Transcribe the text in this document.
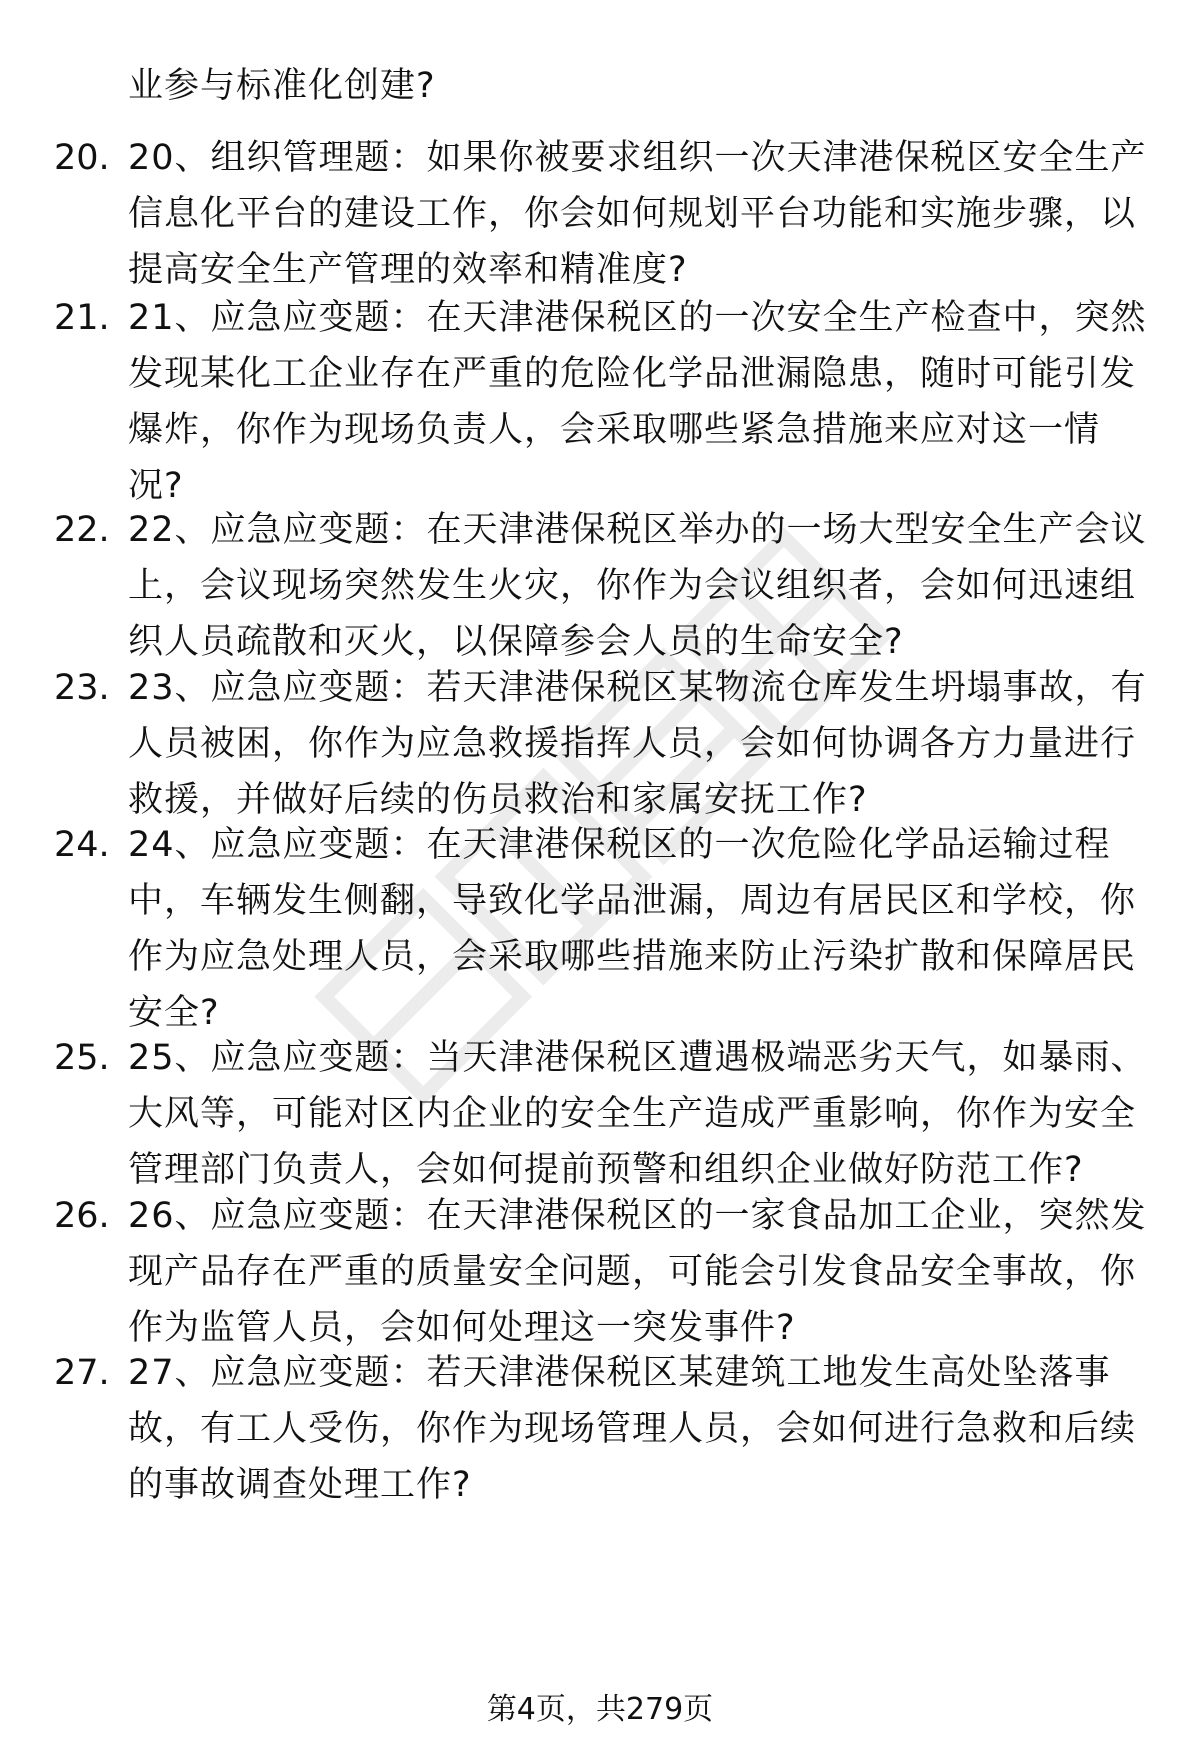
业参与标准化创建?
20. 20、组织管理题：如果你被要求组织一次天津港保税区安全生产
信息化平台的建设工作，你会如何规划平台功能和实施步骤，以
提高安全生产管理的效率和精准度?
21. 21、应急应变题：在天津港保税区的一次安全生产检查中，突然
发现某化工企业存在严重的危险化学品泄漏隐患，随时可能引发
爆炸，你作为现场负责人，会采取哪些紧急措施来应对这一情
况?
22. 22、应急应变题：在天津港保税区举办的一场大型安全生产会议
上，会议现场突然发生火灾，你作为会议组织者，会如何迅速组
织人员疏散和灭火，以保障参会人员的生命安全?
23. 23、应急应变题：若天津港保税区某物流仓库发生坍塌事故，有
人员被困，你作为应急救援指挥人员，会如何协调各方力量进行
救援，并做好后续的伤员救治和家属安抚工作?
24. 24、应急应变题：在天津港保税区的一次危险化学品运输过程
中，车辆发生侧翻，导致化学品泄漏，周边有居民区和学校，你
作为应急处理人员，会采取哪些措施来防止污染扩散和保障居民
安全?
25. 25、应急应变题：当天津港保税区遭遇极端恶劣天气，如暴雨、
大风等，可能对区内企业的安全生产造成严重影响，你作为安全
管理部门负责人，会如何提前预警和组织企业做好防范工作?
26. 26、应急应变题：在天津港保税区的一家食品加工企业，突然发
现产品存在严重的质量安全问题，可能会引发食品安全事故，你
作为监管人员，会如何处理这一突发事件?
27. 27、应急应变题：若天津港保税区某建筑工地发生高处坠落事
故，有工人受伤，你作为现场管理人员，会如何进行急救和后续
的事故调查处理工作?
第4页，共279页
